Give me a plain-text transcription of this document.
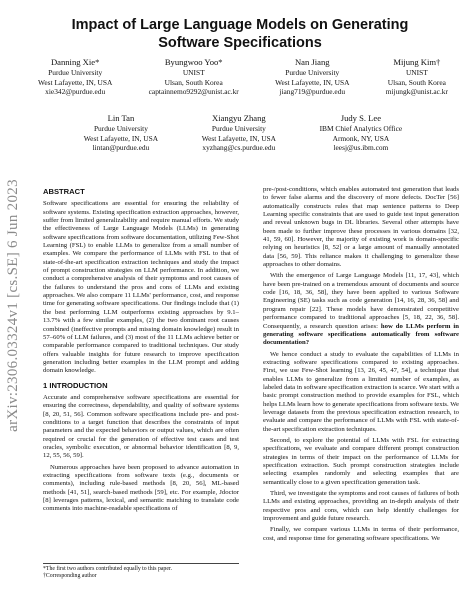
arXiv:2306.03324v1 [cs.SE] 6 Jun 2023
Impact of Large Language Models on Generating Software Specifications
Danning Xie*
Purdue University
West Lafayette, IN, USA
xie342@purdue.edu
Byungwoo Yoo*
UNIST
Ulsan, South Korea
captainnemo9292@unist.ac.kr
Nan Jiang
Purdue University
West Lafayette, IN, USA
jiang719@purdue.edu
Mijung Kim†
UNIST
Ulsan, South Korea
mijungk@unist.ac.kr
Lin Tan
Purdue University
West Lafayette, IN, USA
lintan@purdue.edu
Xiangyu Zhang
Purdue University
West Lafayette, IN, USA
xyzhang@cs.purdue.edu
Judy S. Lee
IBM Chief Analytics Office
Armonk, NY, USA
leesj@us.ibm.com
ABSTRACT

Software specifications are essential for ensuring the reliability of software systems. Existing specification extraction approaches, however, suffer from limited generalizability and require manual efforts. We study the effectiveness of Large Language Models (LLMs) in generating software specifications from software documentation, utilizing Few-Shot Learning (FSL) to enable LLMs to generalize from a small number of examples. We compare the performance of LLMs with FSL to that of state-of-the-art specification extraction techniques and study the impact of prompt construction strategies on LLM performance. In addition, we conduct a comprehensive analysis of their symptoms and root causes of the failures to understand the pros and cons of LLMs and existing approaches. We also compare 11 LLMs' performance, cost, and response time for generating software specifications. Our findings include that (1) the best performing LLM outperforms existing approaches by 9.1–13.7% with a few similar examples, (2) the two dominant root causes combined (ineffective prompts and missing domain knowledge) result in 57–60% of LLM failures, and (3) most of the 11 LLMs achieve better or comparable performance compared to traditional techniques. Our study offers valuable insights for future research to improve specification generation including better examples in the LLM prompt and adding domain knowledge.

1 INTRODUCTION

Accurate and comprehensive software specifications are essential for ensuring the correctness, dependability, and quality of software systems [8, 20, 51, 56]. Common software specifications include pre- and post-conditions to a target function that describes the constraints of input parameters and the expected behaviors or output values, which are often required or crucial for the generation of effective test cases and test oracles, symbolic execution, or abnormal behavior identification [8, 9, 12, 55, 56, 59].

Numerous approaches have been proposed to advance automation in extracting specifications from software texts (e.g., documents or comments), including rule-based methods [8, 20, 56], ML-based methods [41, 51], search-based methods [59], etc. For example, Jdoctor [8] leverages patterns, lexical, and semantic matching to translate code comments into machine-readable specifications of

*The first two authors contributed equally to this paper.
†Corresponding author

pre-/post-conditions, which enables automated test generation that leads to fewer false alarms and the discovery of more defects. DocTer [56] automatically constructs rules that map sentence patterns to Deep Learning specific constraints that are used to guide test input generation and reveal unknown bugs in DL libraries. Several other attempts have been made to further improve these processes in various domains [32, 41, 59, 60]. However, the majority of existing work is domain-specific relying on heuristics [8, 52] or a large amount of manually annotated data [56, 59]. This reliance makes it challenging to generalize these approaches to other domains.

With the emergence of Large Language Models [11, 17, 43], which have been pre-trained on a tremendous amount of documents and source code [16, 18, 36, 58], they have been applied to various Software Engineering (SE) tasks such as code generation [14, 16, 28, 36, 58] and program repair [22]. These models have demonstrated competitive performance compared to traditional approaches [5, 18, 22, 36, 58]. Consequently, a research question arises: how do LLMs perform in generating software specifications automatically from software documentation?

We hence conduct a study to evaluate the capabilities of LLMs in extracting software specifications compared to existing approaches. First, we use Few-Shot learning [13, 26, 45, 47, 54], a technique that enables LLMs to generalize from a limited number of examples, as labeled data in software specification extraction is scarce. We start with a basic prompt construction method to provide examples for FSL, which helps LLMs learn how to generate specifications from software texts. We leverage datasets from the previous specification extraction research, to evaluate and compare the performance of LLMs with FSL with state-of-the-art specification extraction techniques.

Second, to explore the potential of LLMs with FSL for extracting specifications, we evaluate and compare different prompt construction strategies in terms of their impact on the performance of LLMs for specification extraction. Such prompt construction strategies include selecting examples randomly and selecting examples that are semantically close to a given specification generation task.

Third, we investigate the symptoms and root causes of failures of both LLMs and existing approaches, providing an in-depth analysis of their respective pros and cons, which can help identify challenges for improvement and guide future research.

Finally, we compare various LLMs in terms of their performance, cost, and response time for generating software specifications. We
